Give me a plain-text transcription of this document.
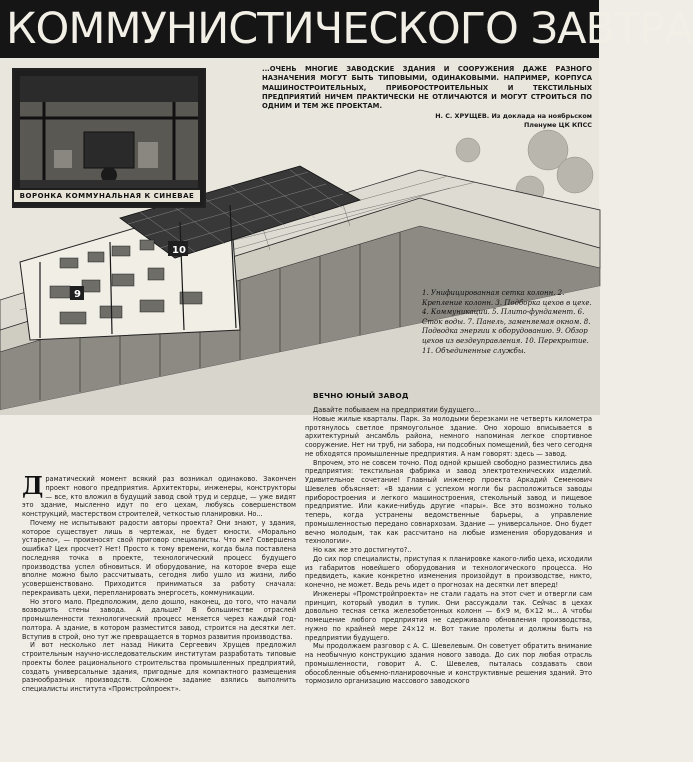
КОММУНИСТИЧЕСКОГО ЗАВТРА
10
9
ВОРОНКА КОММУНАЛЬНАЯ К СИНЕВАЕ
...ОЧЕНЬ МНОГИЕ ЗАВОДСКИЕ ЗДАНИЯ И СООРУЖЕНИЯ ДАЖЕ РАЗНОГО НАЗНАЧЕНИЯ МОГУТ БЫТЬ ТИПОВЫМИ, ОДИНАКОВЫМИ. НАПРИМЕР, КОРПУСА МАШИНОСТРОИТЕЛЬНЫХ, ПРИБОРОСТРОИТЕЛЬНЫХ И ТЕКСТИЛЬНЫХ ПРЕДПРИЯТИЙ НИЧЕМ ПРАКТИЧЕСКИ НЕ ОТЛИЧАЮТСЯ И МОГУТ СТРОИТЬСЯ ПО ОДНИМ И ТЕМ ЖЕ ПРОЕКТАМ.
Н. С. ХРУЩЕВ. Из доклада на ноябрьском
Пленуме ЦК КПСС
1. Унифицированная сетка колонн. 2. Крепление колонн. 3. Подборка цехов в цехе. 4. Коммуникации. 5. Плито-фундамент. 6. Сток воды. 7. Панель, заменяемая окном. 8. Подводка энергии к оборудованию. 9. Обзор цехов из вездеуправления. 10. Перекрытие. 11. Объединенные службы.
ВЕЧНО ЮНЫЙ ЗАВОД

Драматический момент всякий раз возникал одинаково. Закончен проект нового предприятия. Архитекторы, инженеры, конструкторы — все, кто вложил в будущий завод свой труд и сердце, — уже видят это здание, мысленно идут по его цехам, любуясь совершенством конструкций, мастерством строителей, четкостью планировки. Но...

Почему не испытывают радости авторы проекта? Они знают, у здания, которое существует лишь в чертежах, не будет юности. «Морально устарело», — произносят свой приговор специалисты. Что же? Совершена ошибка? Цех просчет? Нет! Просто к тому времени, когда была поставлена последняя точка в проекте, технологический процесс будущего производства успел обновиться. И оборудование, на которое вчера еще вполне можно было рассчитывать, сегодня либо ушло из жизни, либо усовершенствовано. Приходится приниматься за работу сначала: перекраивать цехи, перепланировать энергосеть, коммуникации.

Но этого мало. Предположим, дело дошло, наконец, до того, что начали возводить стены завода. А дальше? В большинстве отраслей промышленности технологический процесс меняется через каждый год-полтора. А здание, в котором разместится завод, строится на десятки лет. Вступив в строй, оно тут же превращается в тормоз развития производства.

И вот несколько лет назад Никита Сергеевич Хрущев предложил строительным научно-исследовательским институтам разработать типовые проекты более рационального строительства промышленных предприятий, создать универсальные здания, пригодные для компактного размещения разнообразных производств. Сложное задание взялись выполнить специалисты института «Промстройпроект».

Давайте побываем на предприятии будущего...

Новые жилые кварталы. Парк. За молодыми березками не четверть километра протянулось светлое прямоугольное здание. Оно хорошо вписывается в архитектурный ансамбль района, немного напоминая легкое спортивное сооружение. Нет ни труб, ни забора, ни подсобных помещений, без чего сегодня не обходятся промышленные предприятия. А нам говорят: здесь — завод.

Впрочем, это не совсем точно. Под одной крышей свободно разместились два предприятия: текстильная фабрика и завод электротехнических изделий. Удивительное сочетание! Главный инженер проекта Аркадий Семенович Шевелев объясняет: «В здании с успехом могли бы расположиться заводы приборостроения и легкого машиностроения, стекольный завод и пищевое предприятие. Или какие-нибудь другие «пары». Все это возможно только теперь, когда устранены ведомственные барьеры, а управление промышленностью передано совнархозам. Здание — универсальное. Оно будет вечно молодым, так как рассчитано на любые изменения оборудования и технологии».

Но как же это достигнуто?..

До сих пор специалисты, приступая к планировке какого-либо цеха, исходили из габаритов новейшего оборудования и технологического процесса. Но предвидеть, какие конкретно изменения произойдут в производстве, никто, конечно, не может. Ведь речь идет о прогнозах на десятки лет вперед!

Инженеры «Промстройпроекта» не стали гадать на этот счет и отвергли сам принцип, который уводил в тупик. Они рассуждали так. Сейчас в цехах довольно тесная сетка железобетонных колонн — 6×9 м, 6×12 м... А чтобы помещение любого предприятия не сдерживало обновления производства, нужно по крайней мере 24×12 м. Вот такие пролеты и должны быть на предприятии будущего.

Мы продолжаем разговор с А. С. Шевелевым. Он советует обратить внимание на необычную конструкцию здания нового завода. До сих пор любая отрасль промышленности, говорит А. С. Шевелев, пыталась создавать свои обособленные объемно-планировочные и конструктивные решения зданий. Это тормозило организацию массового заводского
